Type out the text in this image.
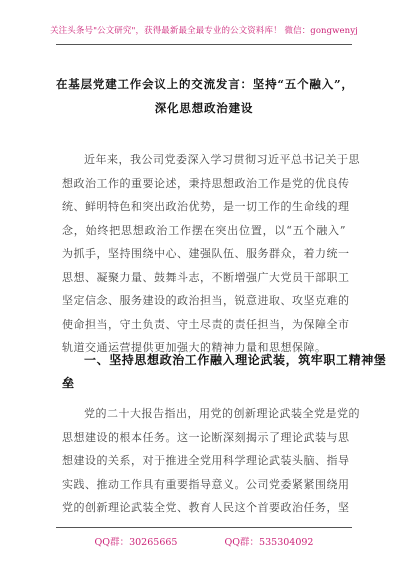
关注头条号"公文研究"，获得最新最全最专业的公文资料库！ 微信：gongwenyj
在基层党建工作会议上的交流发言：坚持“五个融入”，
深化思想政治建设
近年来，我公司党委深入学习贯彻习近平总书记关于思
想政治工作的重要论述，秉持思想政治工作是党的优良传
统、鲜明特色和突出政治优势，是一切工作的生命线的理
念，始终把思想政治工作摆在突出位置，以“五个融入”
为抓手，坚持围绕中心、建强队伍、服务群众，着力统一
思想、凝聚力量、鼓舞斗志，不断增强广大党员干部职工
坚定信念、服务建设的政治担当，锐意进取、攻坚克难的
使命担当，守土负责、守土尽责的责任担当，为保障全市
轨道交通运营提供更加强大的精神力量和思想保障。
一、坚持思想政治工作融入理论武装，筑牢职工精神堡
垒
党的二十大报告指出，用党的创新理论武装全党是党的
思想建设的根本任务。这一论断深刻揭示了理论武装与思
想建设的关系，对于推进全党用科学理论武装头脑、指导
实践、推动工作具有重要指导意义。公司党委紧紧围绕用
党的创新理论武装全党、教育人民这个首要政治任务，坚
QQ群：30265665	QQ群：535304092
